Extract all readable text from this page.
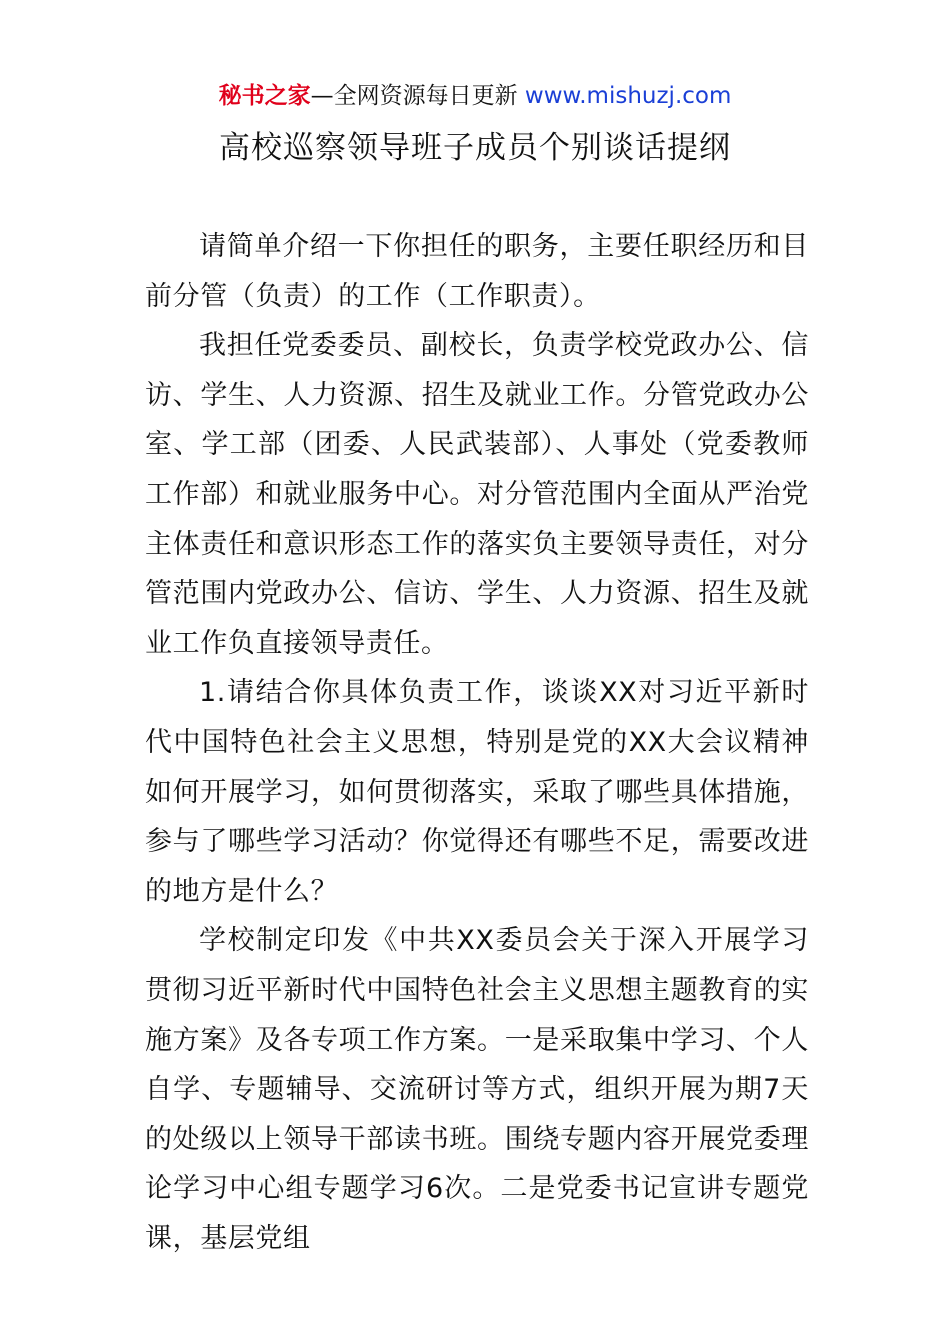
秘书之家—全网资源每日更新 www.mishuzj.com
高校巡察领导班子成员个别谈话提纲

请简单介绍一下你担任的职务，主要任职经历和目前分管（负责）的工作（工作职责）。

我担任党委委员、副校长，负责学校党政办公、信访、学生、人力资源、招生及就业工作。分管党政办公室、学工部（团委、人民武装部）、人事处（党委教师工作部）和就业服务中心。对分管范围内全面从严治党主体责任和意识形态工作的落实负主要领导责任，对分管范围内党政办公、信访、学生、人力资源、招生及就业工作负直接领导责任。

1.请结合你具体负责工作，谈谈XX对习近平新时代中国特色社会主义思想，特别是党的XX大会议精神如何开展学习，如何贯彻落实，采取了哪些具体措施，参与了哪些学习活动？你觉得还有哪些不足，需要改进的地方是什么？

学校制定印发《中共XX委员会关于深入开展学习贯彻习近平新时代中国特色社会主义思想主题教育的实施方案》及各专项工作方案。一是采取集中学习、个人自学、专题辅导、交流研讨等方式，组织开展为期7天的处级以上领导干部读书班。围绕专题内容开展党委理论学习中心组专题学习6次。二是党委书记宣讲专题党课，基层党组
